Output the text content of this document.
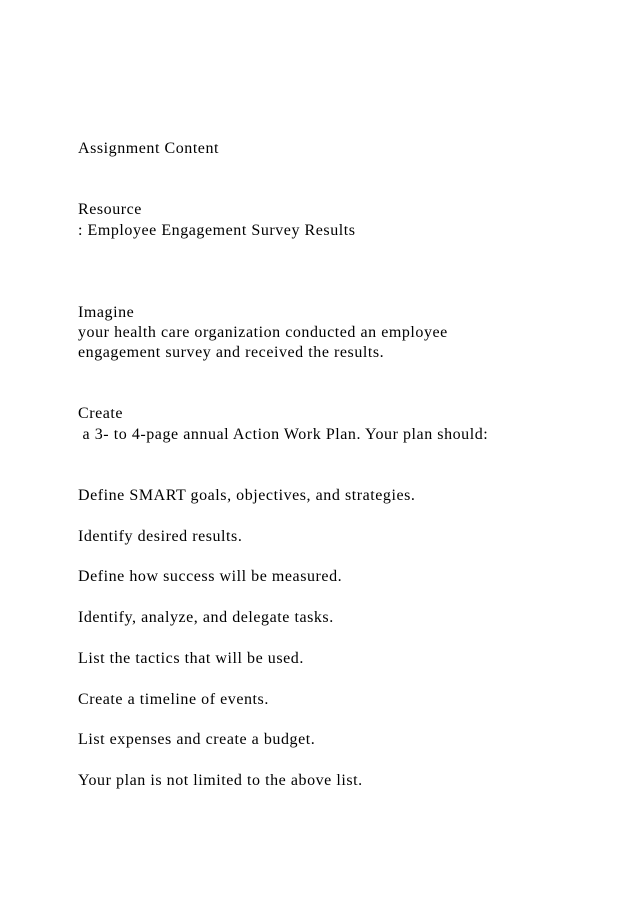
Assignment Content
Resource
: Employee Engagement Survey Results
Imagine
your health care organization conducted an employee
engagement survey and received the results.
Create
a 3- to 4-page annual Action Work Plan. Your plan should:
Define SMART goals, objectives, and strategies.
Identify desired results.
Define how success will be measured.
Identify, analyze, and delegate tasks.
List the tactics that will be used.
Create a timeline of events.
List expenses and create a budget.
Your plan is not limited to the above list.
